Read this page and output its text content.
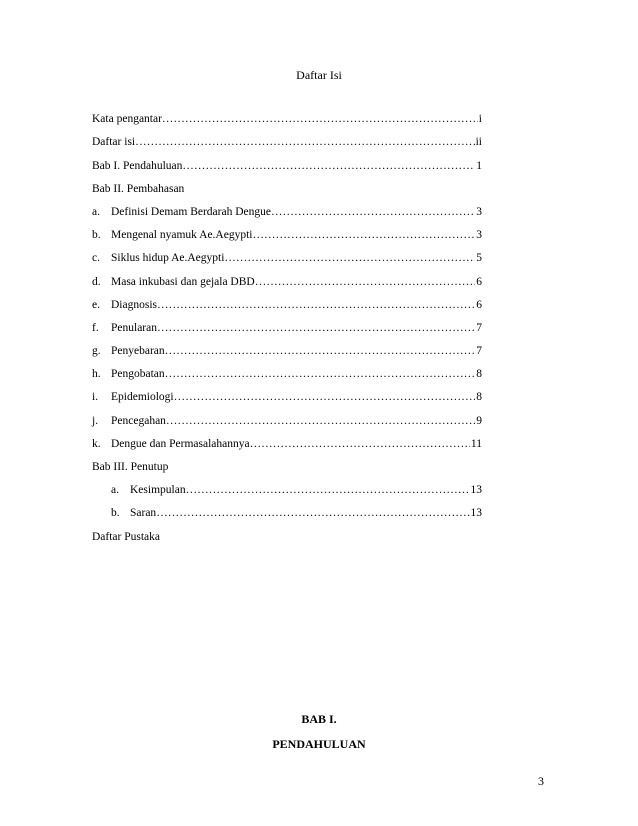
Daftar Isi
Kata pengantar ……………………………………………………………………………………………………………………………………………	i
Daftar isi ……………………………………………………………………………………………………………………………………………	ii
Bab I. Pendahuluan ……………………………………………………………………………………………………………………………………………	1
Bab II. Pembahasan
a. Definisi Demam Berdarah Dengue ……………………………………………………………………………………………………………………………………………	3
b. Mengenal nyamuk Ae.Aegypti ……………………………………………………………………………………………………………………………………………	3
c. Siklus hidup Ae.Aegypti ……………………………………………………………………………………………………………………………………………	5
d. Masa inkubasi dan gejala DBD ……………………………………………………………………………………………………………………………………………	6
e. Diagnosis ……………………………………………………………………………………………………………………………………………	6
f.	Penularan ……………………………………………………………………………………………………………………………………………	7
g. Penyebaran ……………………………………………………………………………………………………………………………………………	7
h. Pengobatan ……………………………………………………………………………………………………………………………………………	8
i.	Epidemiologi ……………………………………………………………………………………………………………………………………………	8
j.	Pencegahan ……………………………………………………………………………………………………………………………………………	9
k. Dengue dan Permasalahannya ……………………………………………………………………………………………………………………………………………	11
Bab III. Penutup
a. Kesimpulan ……………………………………………………………………………………………………………………………………………	13
b. Saran ……………………………………………………………………………………………………………………………………………	13
Daftar Pustaka
BAB I.
PENDAHULUAN
3
